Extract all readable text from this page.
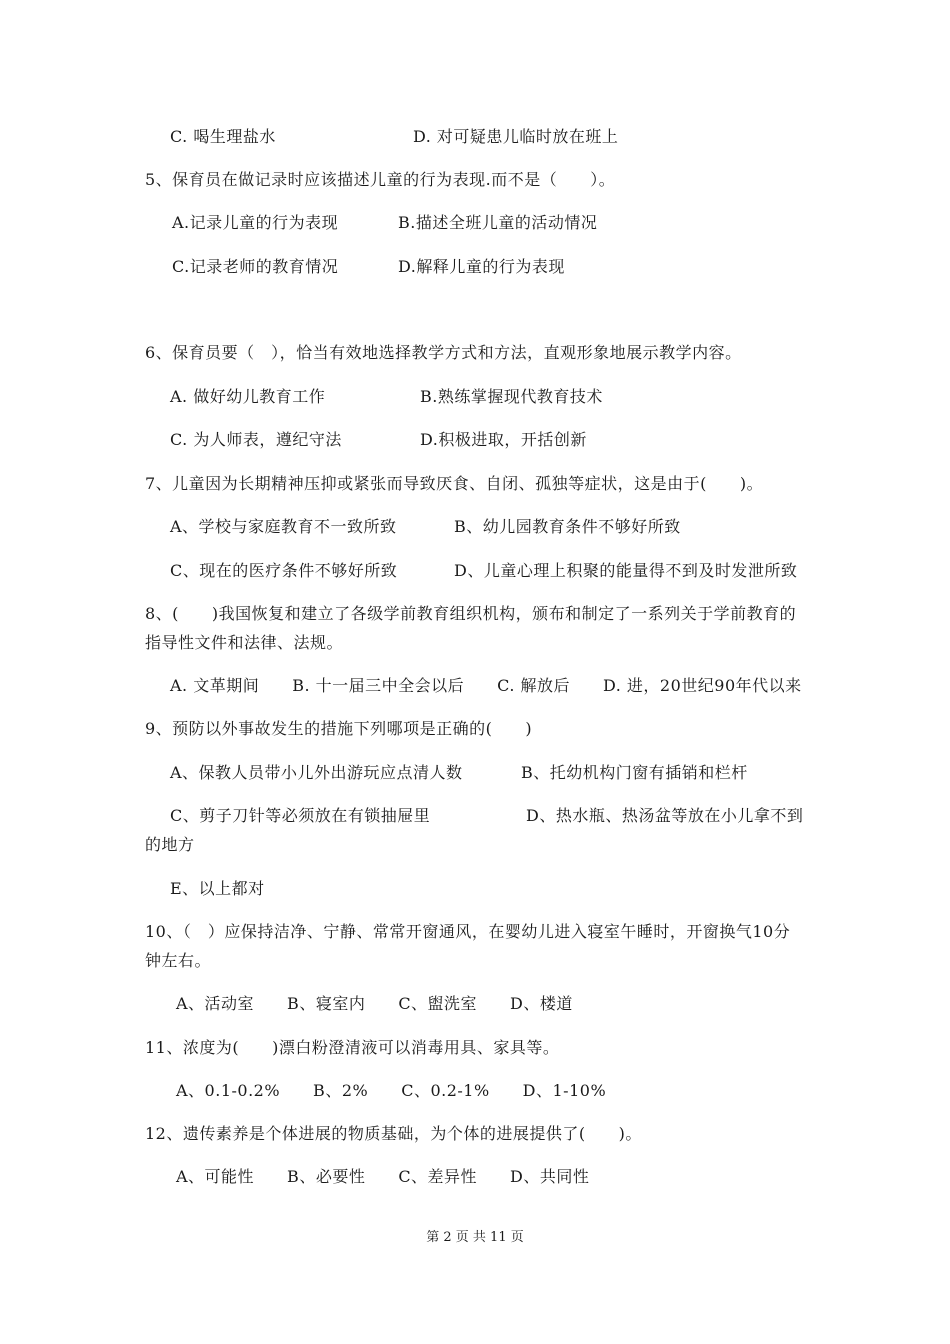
C. 喝生理盐水	D. 对可疑患儿临时放在班上
5、保育员在做记录时应该描述儿童的行为表现.而不是（　　）。
A.记录儿童的行为表现	B.描述全班儿童的活动情况
C.记录老师的教育情况	D.解释儿童的行为表现
6、保育员要（　），恰当有效地选择教学方式和方法，直观形象地展示教学内容。
A. 做好幼儿教育工作	B.熟练掌握现代教育技术
C. 为人师表，遵纪守法	D.积极进取，开括创新
7、儿童因为长期精神压抑或紧张而导致厌食、自闭、孤独等症状，这是由于(　　)。
A、学校与家庭教育不一致所致	B、幼儿园教育条件不够好所致
C、现在的医疗条件不够好所致	D、儿童心理上积聚的能量得不到及时发泄所致
8、(　　)我国恢复和建立了各级学前教育组织机构，颁布和制定了一系列关于学前教育的
指导性文件和法律、法规。
A. 文革期间　　B. 十一届三中全会以后　　C. 解放后　　D. 进，20世纪90年代以来
9、预防以外事故发生的措施下列哪项是正确的(　　)
A、保教人员带小儿外出游玩应点清人数	B、托幼机构门窗有插销和栏杆
C、剪子刀针等必须放在有锁抽屉里	D、热水瓶、热汤盆等放在小儿拿不到
的地方
E、以上都对
10、（　）应保持洁净、宁静、常常开窗通风，在婴幼儿进入寝室午睡时，开窗换气10分
钟左右。
A、活动室　　B、寝室内　　C、盥洗室　　D、楼道
11、浓度为(　　)漂白粉澄清液可以消毒用具、家具等。
A、0.1-0.2%　　B、2%　　C、0.2-1%　　D、1-10%
12、遗传素养是个体进展的物质基础，为个体的进展提供了(　　)。
A、可能性　　B、必要性　　C、差异性　　D、共同性
第 2 页 共 11 页
